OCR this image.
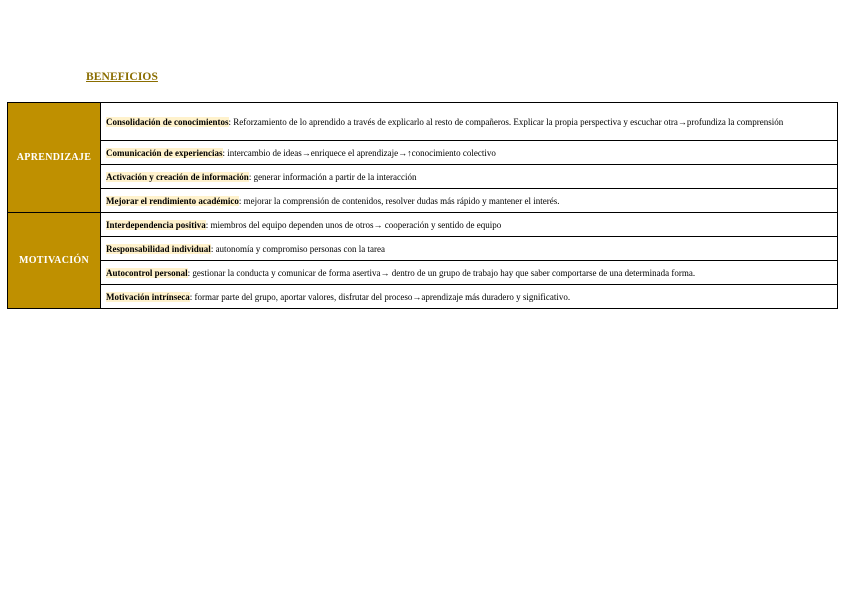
BENEFICIOS
APRENDIZAJE	Consolidación de conocimientos: Reforzamiento de lo aprendido a través de explicarlo al resto de compañeros. Explicar la propia perspectiva y escuchar otra→profundiza la comprensión
	Comunicación de experiencias: intercambio de ideas→enriquece el aprendizaje→↑conocimiento colectivo
	Activación y creación de información: generar información a partir de la interacción
	Mejorar el rendimiento académico: mejorar la comprensión de contenidos, resolver dudas más rápido y mantener el interés.
MOTIVACIÓN	Interdependencia positiva: miembros del equipo dependen unos de otros→ cooperación y sentido de equipo
	Responsabilidad individual: autonomía y compromiso personas con la tarea
	Autocontrol personal: gestionar la conducta y comunicar de forma asertiva→ dentro de un grupo de trabajo hay que saber comportarse de una determinada forma.
	Motivación intrínseca: formar parte del grupo, aportar valores, disfrutar del proceso→aprendizaje más duradero y significativo.
